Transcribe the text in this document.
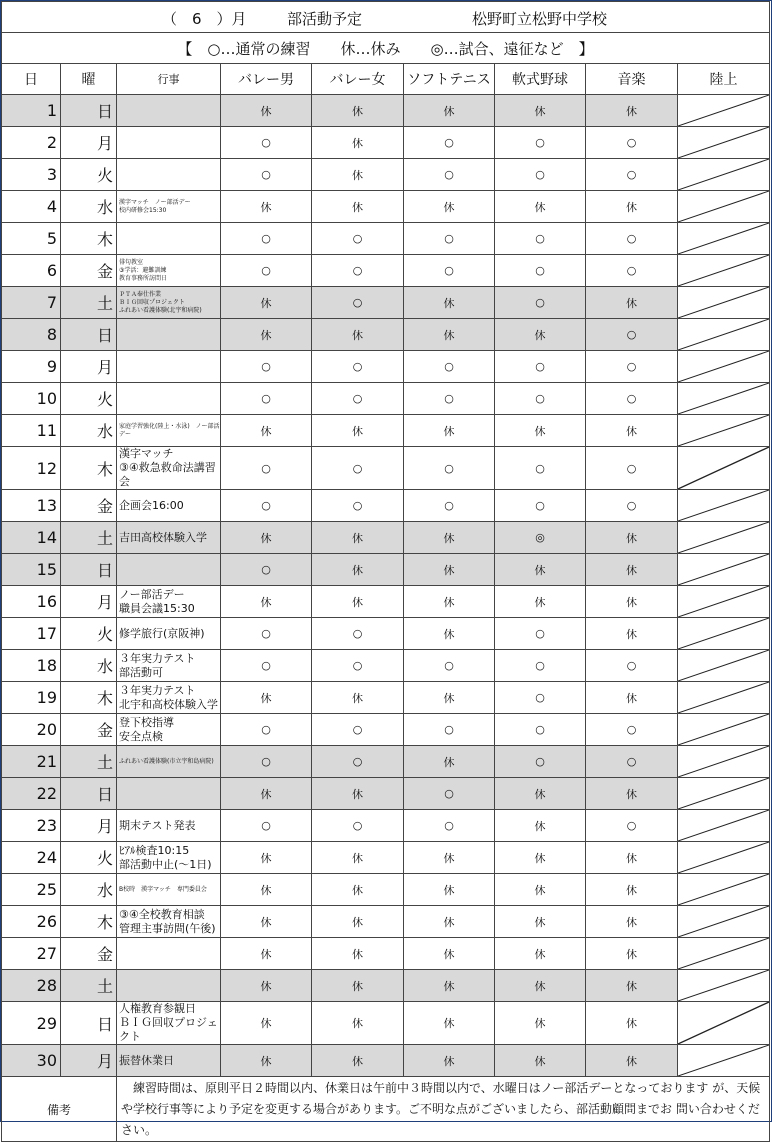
（　6　）月 部活動予定 松野町立松野中学校								

【　○…通常の練習　　休…休み　　◎…試合、遠征など　】								
日	曜	行事	バレー男	バレー女	ソフトテニス	軟式野球	音楽	陸上
1	日		休	休	休	休	休	

2	月		○	休	○	○	○	

3	火		○	休	○	○	○	

4	水	漢字マッチ　ノー部活デー
校内研修会15:30	休	休	休	休	休	

5	木		○	○	○	○	○	

6	金	俳句教室
③学活：避難訓練
教育事務所訪問日	○	○	○	○	○	

7	土	ＰＴＡ奉仕作業
ＢＩＧ回収プロジェクト
ふれあい看護体験(北宇和病院)	休	○	休	○	休	

8	日		休	休	休	休	○	

9	月		○	○	○	○	○	

10	火		○	○	○	○	○	

11	水	家庭学習強化(陸上・水泳)　ノー部活デー	休	休	休	休	休	

12	木	漢字マッチ
③④救急救命法講習会	○	○	○	○	○	

13	金	企画会16:00	○	○	○	○	○	

14	土	吉田高校体験入学	休	休	休	◎	休	

15	日		○	休	休	休	休	

16	月	ノー部活デー
職員会議15:30	休	休	休	休	休	

17	火	修学旅行(京阪神)	○	○	休	○	休	

18	水	３年実力テスト
部活動可	○	○	○	○	○	

19	木	３年実力テスト
北宇和高校体験入学	休	休	休	○	休	

20	金	登下校指導
安全点検	○	○	○	○	○	

21	土	ふれあい看護体験(市立宇和島病院)	○	○	休	○	○	

22	日		休	休	○	休	休	

23	月	期末テスト発表	○	○	○	休	○	

24	火	ﾋｱﾙ検査10:15
部活動中止(～1日)	休	休	休	休	休	

25	水	B校時　漢字マッチ　専門委員会	休	休	休	休	休	

26	木	③④全校教育相談
管理主事訪問(午後)	休	休	休	休	休	

27	金		休	休	休	休	休	

28	土		休	休	休	休	休	

29	日	人権教育参観日
ＢＩＧ回収プロジェクト	休	休	休	休	休	

30	月	振替休業日	休	休	休	休	休	

備考		　練習時間は、原則平日２時間以内、休業日は午前中３時間以内で、水曜日はノー部活デーとなっております が、天候や学校行事等により予定を変更する場合があります。ご不明な点がございましたら、部活動顧問までお 問い合わせください。						
